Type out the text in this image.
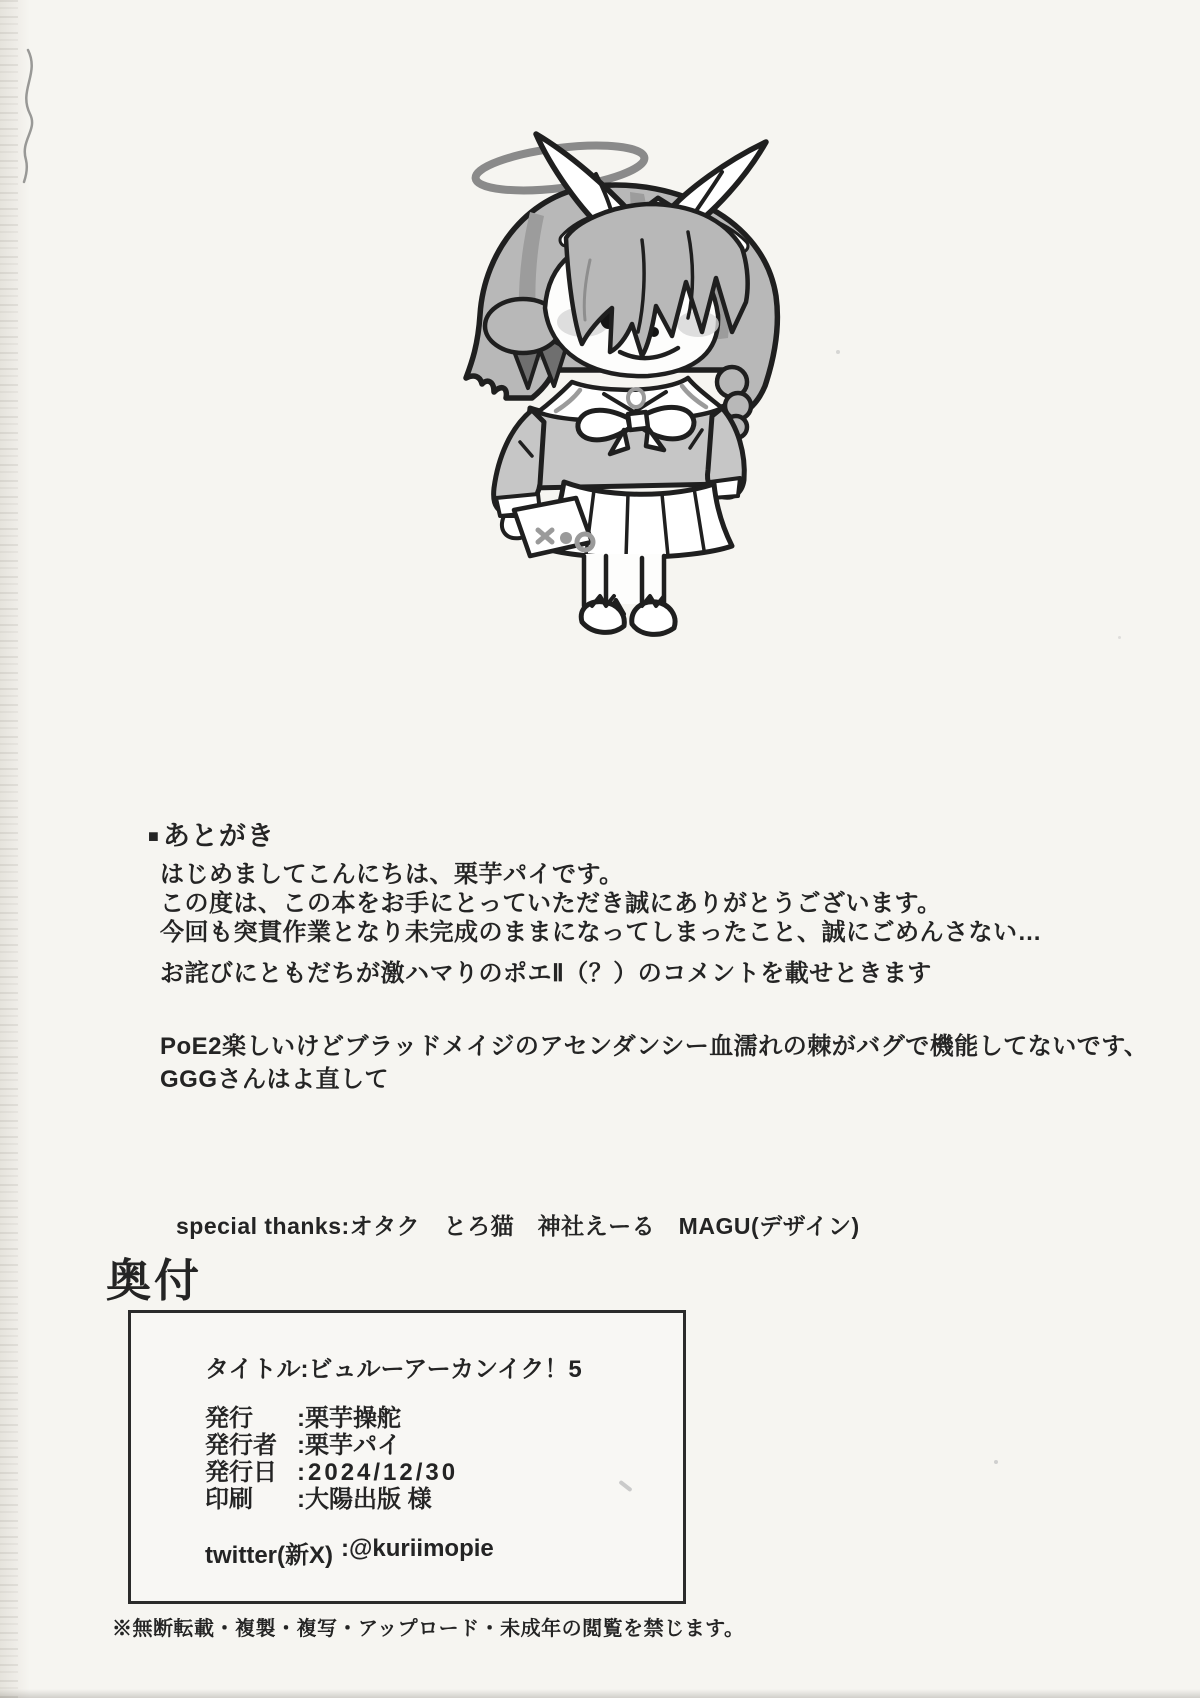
■ あとがき
はじめましてこんにちは、栗芋パイです。
この度は、この本をお手にとっていただき誠にありがとうございます。
今回も突貫作業となり未完成のままになってしまったこと、誠にごめんさない…
お詫びにともだちが激ハマりのポエⅡ（？）のコメントを載せときます
PoE2楽しいけどブラッドメイジのアセンダンシー血濡れの棘がバグで機能してないです、
GGGさんはよ直して
special thanks:オタク　とろ猫　神社えーる　MAGU(デザイン)
奥付
タイトル:ビュルーアーカンイク！5
発行	:栗芋操舵
発行者 :栗芋パイ
発行日 :2024/12/30
印刷	:大陽出版 様
twitter(新X) :@kuriimopie
※無断転載・複製・複写・アップロード・未成年の閲覧を禁じます。
